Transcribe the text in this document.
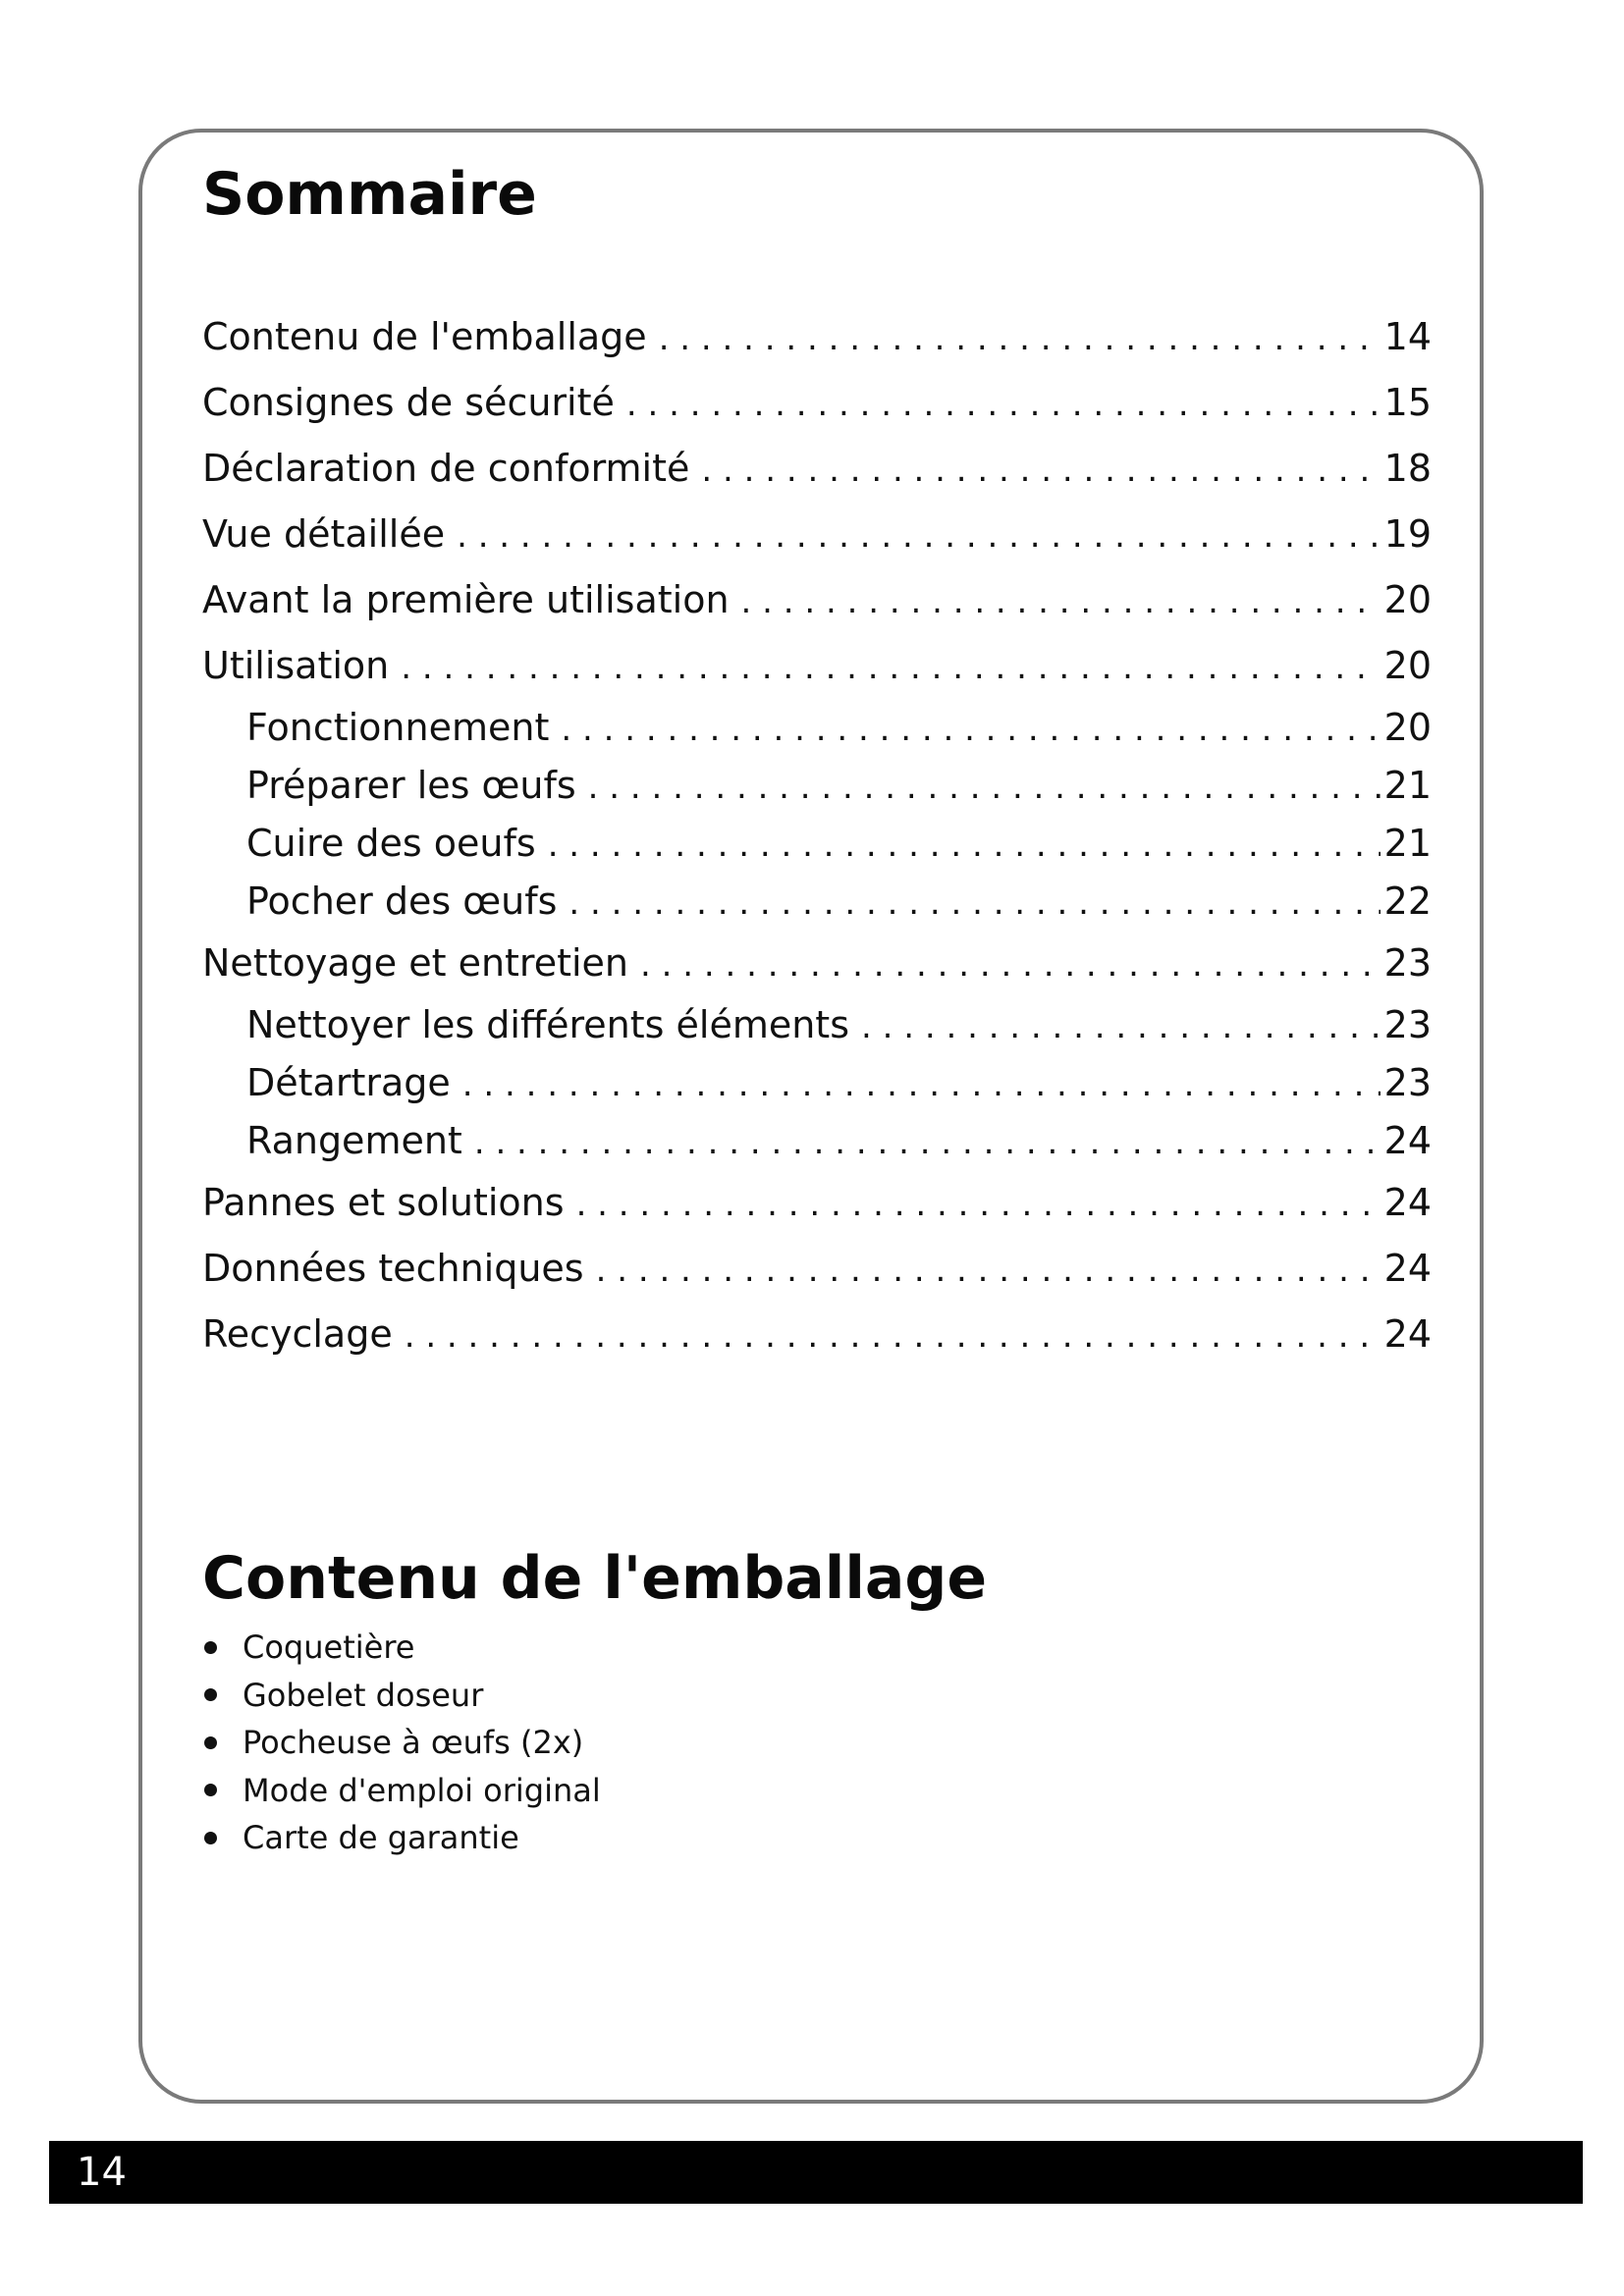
Sommaire
Contenu de l'emballage . . .	14
Consignes de sécurité . . .	15
Déclaration de conformité . . .	18
Vue détaillée . . .	19
Avant la première utilisation . . .	20
Utilisation . . .	20
Fonctionnement . . .	20
Préparer les œufs . . .	21
Cuire des oeufs . . .	21
Pocher des œufs . . .	22
Nettoyage et entretien . . .	23
Nettoyer les différents éléments . . .	23
Détartrage . . .	23
Rangement . . .	24
Pannes et solutions . . .	24
Données techniques . . .	24
Recyclage . . .	24
Contenu de l'emballage
Coquetière
Gobelet doseur
Pocheuse à œufs (2x)
Mode d'emploi original
Carte de garantie
14
